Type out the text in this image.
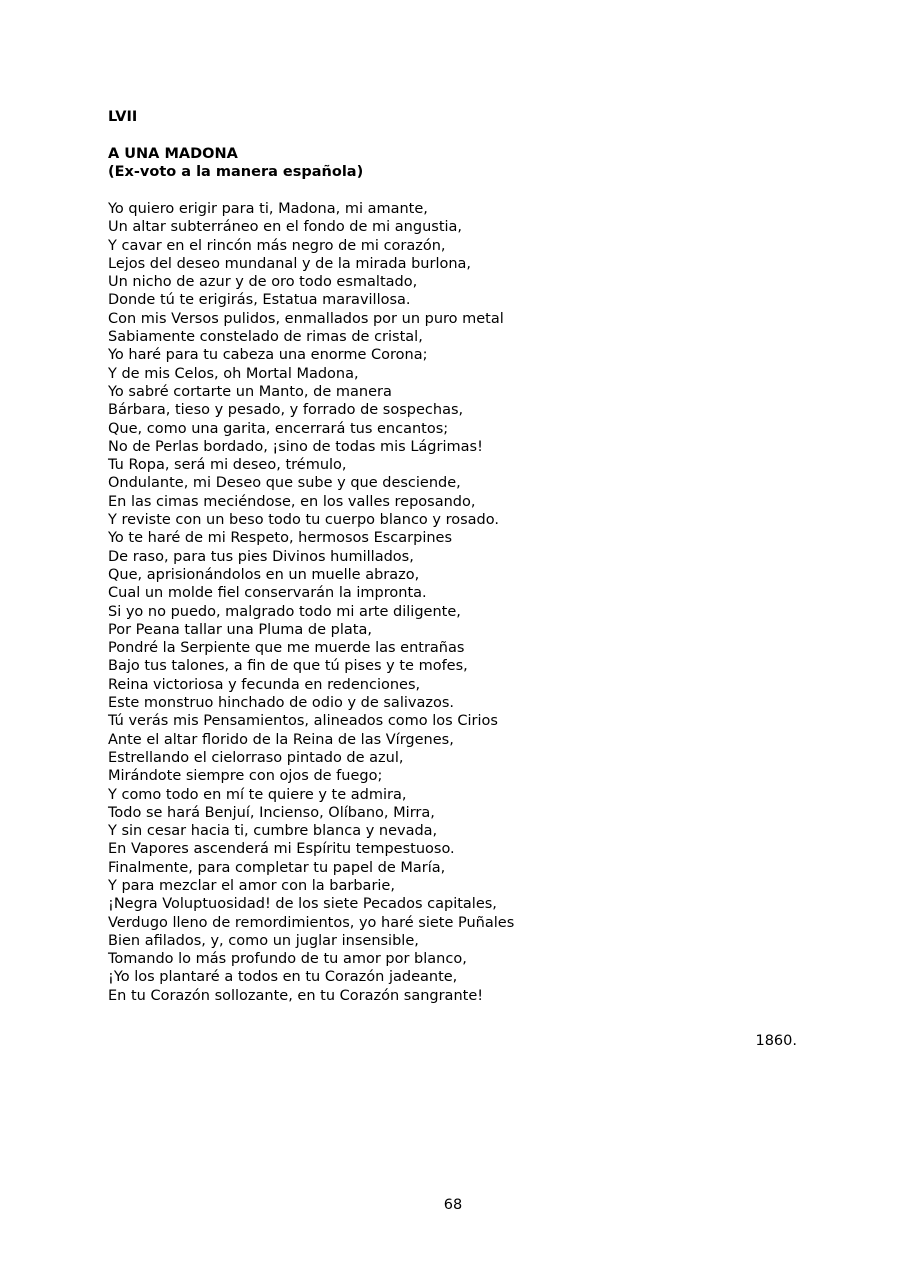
LVII

A UNA MADONA
(Ex-voto a la manera española)
Yo quiero erigir para ti, Madona, mi amante,
Un altar subterráneo en el fondo de mi angustia,
Y cavar en el rincón más negro de mi corazón,
Lejos del deseo mundanal y de la mirada burlona,
Un nicho de azur y de oro todo esmaltado,
Donde tú te erigirás, Estatua maravillosa.
Con mis Versos pulidos, enmallados por un puro metal
Sabiamente constelado de rimas de cristal,
Yo haré para tu cabeza una enorme Corona;
Y de mis Celos, oh Mortal Madona,
Yo sabré cortarte un Manto, de manera
Bárbara, tieso y pesado, y forrado de sospechas,
Que, como una garita, encerrará tus encantos;
No de Perlas bordado, ¡sino de todas mis Lágrimas!
Tu Ropa, será mi deseo, trémulo,
Ondulante, mi Deseo que sube y que desciende,
En las cimas meciéndose, en los valles reposando,
Y reviste con un beso todo tu cuerpo blanco y rosado.
Yo te haré de mi Respeto, hermosos Escarpines
De raso, para tus pies Divinos humillados,
Que, aprisionándolos en un muelle abrazo,
Cual un molde fiel conservarán la impronta.
Si yo no puedo, malgrado todo mi arte diligente,
Por Peana tallar una Pluma de plata,
Pondré la Serpiente que me muerde las entrañas
Bajo tus talones, a fin de que tú pises y te mofes,
Reina victoriosa y fecunda en redenciones,
Este monstruo hinchado de odio y de salivazos.
Tú verás mis Pensamientos, alineados como los Cirios
Ante el altar florido de la Reina de las Vírgenes,
Estrellando el cielorraso pintado de azul,
Mirándote siempre con ojos de fuego;
Y como todo en mí te quiere y te admira,
Todo se hará Benjuí, Incienso, Olíbano, Mirra,
Y sin cesar hacia ti, cumbre blanca y nevada,
En Vapores ascenderá mi Espíritu tempestuoso.
Finalmente, para completar tu papel de María,
Y para mezclar el amor con la barbarie,
¡Negra Voluptuosidad! de los siete Pecados capitales,
Verdugo lleno de remordimientos, yo haré siete Puñales
Bien afilados, y, como un juglar insensible,
Tomando lo más profundo de tu amor por blanco,
¡Yo los plantaré a todos en tu Corazón jadeante,
En tu Corazón sollozante, en tu Corazón sangrante!

1860.

68
